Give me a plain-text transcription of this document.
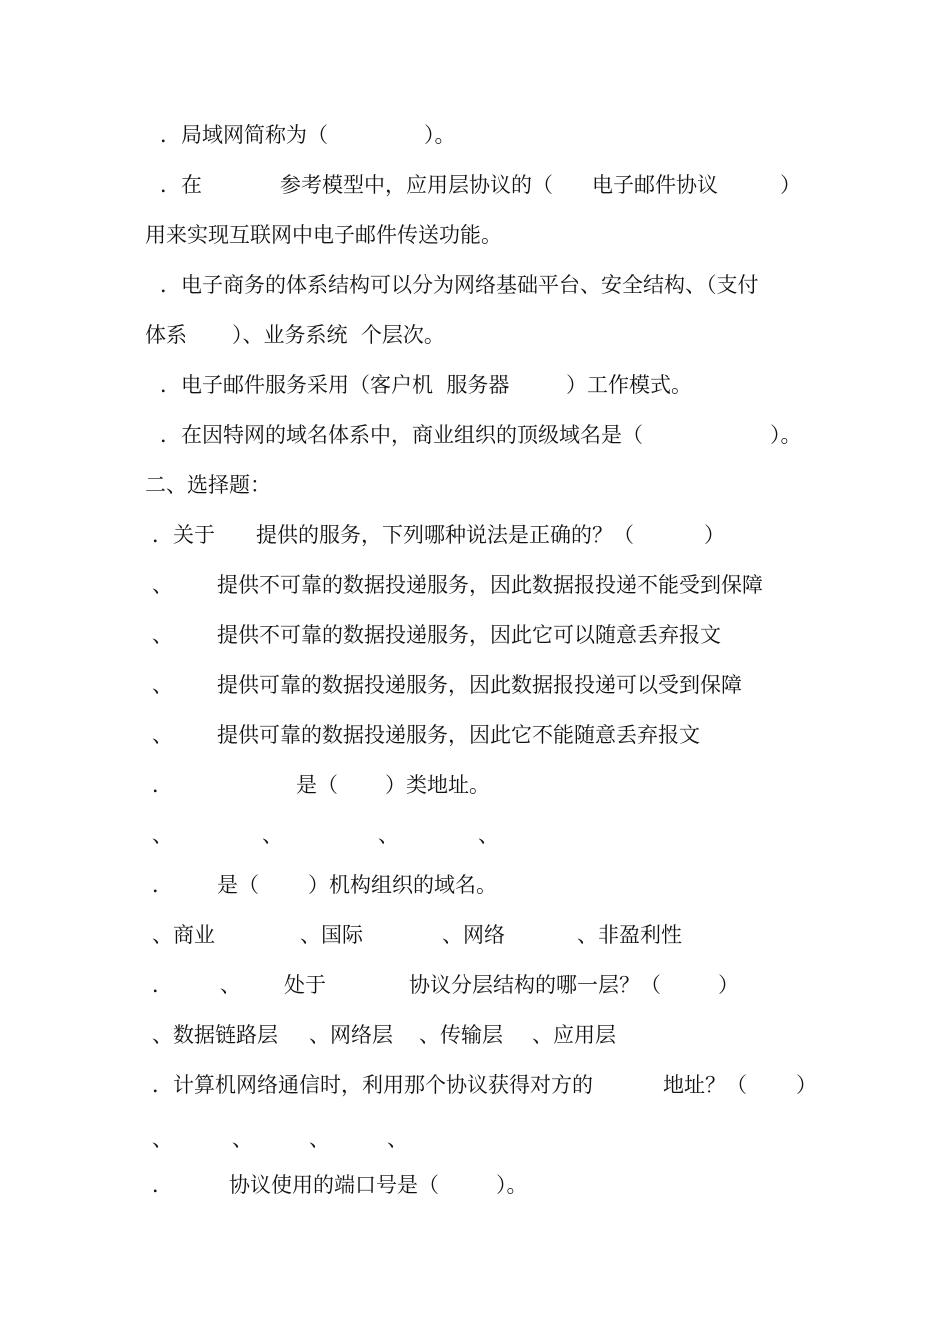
．局域网简称为（	）。
．在	参考模型中，应用层协议的（ 电子邮件协议	）
用来实现互联网中电子邮件传送功能。
．电子商务的体系结构可以分为网络基础平台、安全结构、（支付
体系 ）、业务系统  个层次。
．电子邮件服务采用（客户机  服务器	）工作模式。
．在因特网的域名体系中，商业组织的顶级域名是（	）。
二、选择题：
．关于 提供的服务，下列哪种说法是正确的？（	）
、 提供不可靠的数据投递服务，因此数据报投递不能受到保障
、 提供不可靠的数据投递服务，因此它可以随意丢弃报文
、 提供可靠的数据投递服务，因此数据报投递可以受到保障
、 提供可靠的数据投递服务，因此它不能随意丢弃报文
．	是（ ）类地址。
、	、	、	、
． 是（ ）机构组织的域名。
、商业	、国际	、网络	、非盈利性
． 、 处于	协议分层结构的哪一层？（	）
、数据链路层 、网络层 、传输层 、应用层
．计算机网络通信时，利用那个协议获得对方的	地址？（ ）
、	、	、	、
．	协议使用的端口号是（	）。
